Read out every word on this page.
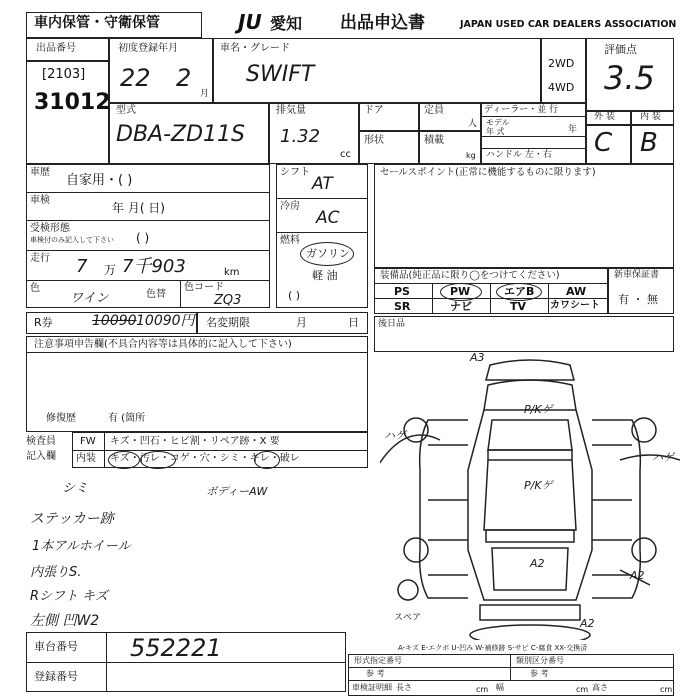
車内保管・守衛保管	JU 愛知 出品申込書	JAPAN USED CAR DEALERS ASSOCIATION
出品番号
[2103]
31012
初度登録年月
22 2
月
車名・グレード
SWIFT	2WD
4WD
評価点
3.5
型式
DBA-ZD11S
排気量
1.32
cc
ドア
形状
定員
人
積載
kg
ディーラー・並 行
モデル
年 式	年
ハンドル 左・右
外 装	内 装
C B
車歴
自家用・( )
車検
年 月( 日)
受検形態
車検付のみ記入して下さい ( )
走行 7 万 7千903	km
色
ワイン	色替
色コード
ZQ3
シフト
AT
冷房
AC
燃料
ガソリン
軽 油
( )
セールスポイント(正常に機能するものに限ります)
装備品(純正品に限り◯をつけてください)
PS	PW	エアB	AW
SR	ナビ	TV カワシート
新車保証書
有 ・ 無
R券	10090 10090円 名変期限	月	日
注意事項申告欄(不具合内容等は具体的に記入して下さい)
修復歴	有 (箇所
後日品
検査員
記入欄
FW キズ・凹石・ヒビ割・リペア跡・X 要
内装 キズ・汚レ・コゲ・穴・シミ・キレ・破レ
シミ
ステッカー跡
1本アルホイール
内張りS.
Rシフト キズ
左側 凹W2
ボディーAW
A3
P/Kゲ
P/Kゲ
ハゲ
ハゲ
A2
A2
A2
スペア
A-キズ E-エクボ U-凹み W-補修跡 S-サビ C-腐食 XX-交換済
車台番号 552221
登録番号
形式指定番号
参 考
類別区分番号
参 考
車検証明細 長さ	cm 幅	cm 高さ	cm
